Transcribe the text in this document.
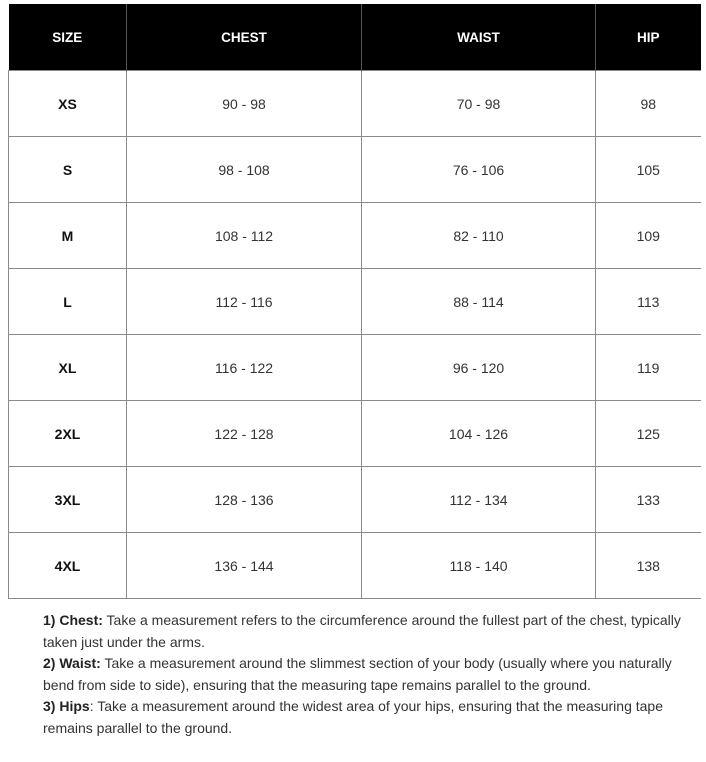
SIZE	CHEST	WAIST	HIP
XS	90 - 98	70 - 98	98
S	98 - 108	76 - 106	105
M	108 - 112	82 - 110	109
L	112 - 116	88 - 114	113
XL	116 - 122	96 - 120	119
2XL	122 - 128	104 - 126	125
3XL	128 - 136	112 - 134	133
4XL	136 - 144	118 - 140	138

1) Chest: Take a measurement refers to the circumference around the fullest part of the chest, typically taken just under the arms.

2) Waist: Take a measurement around the slimmest section of your body (usually where you naturally bend from side to side), ensuring that the measuring tape remains parallel to the ground.

3) Hips: Take a measurement around the widest area of your hips, ensuring that the measuring tape remains parallel to the ground.
